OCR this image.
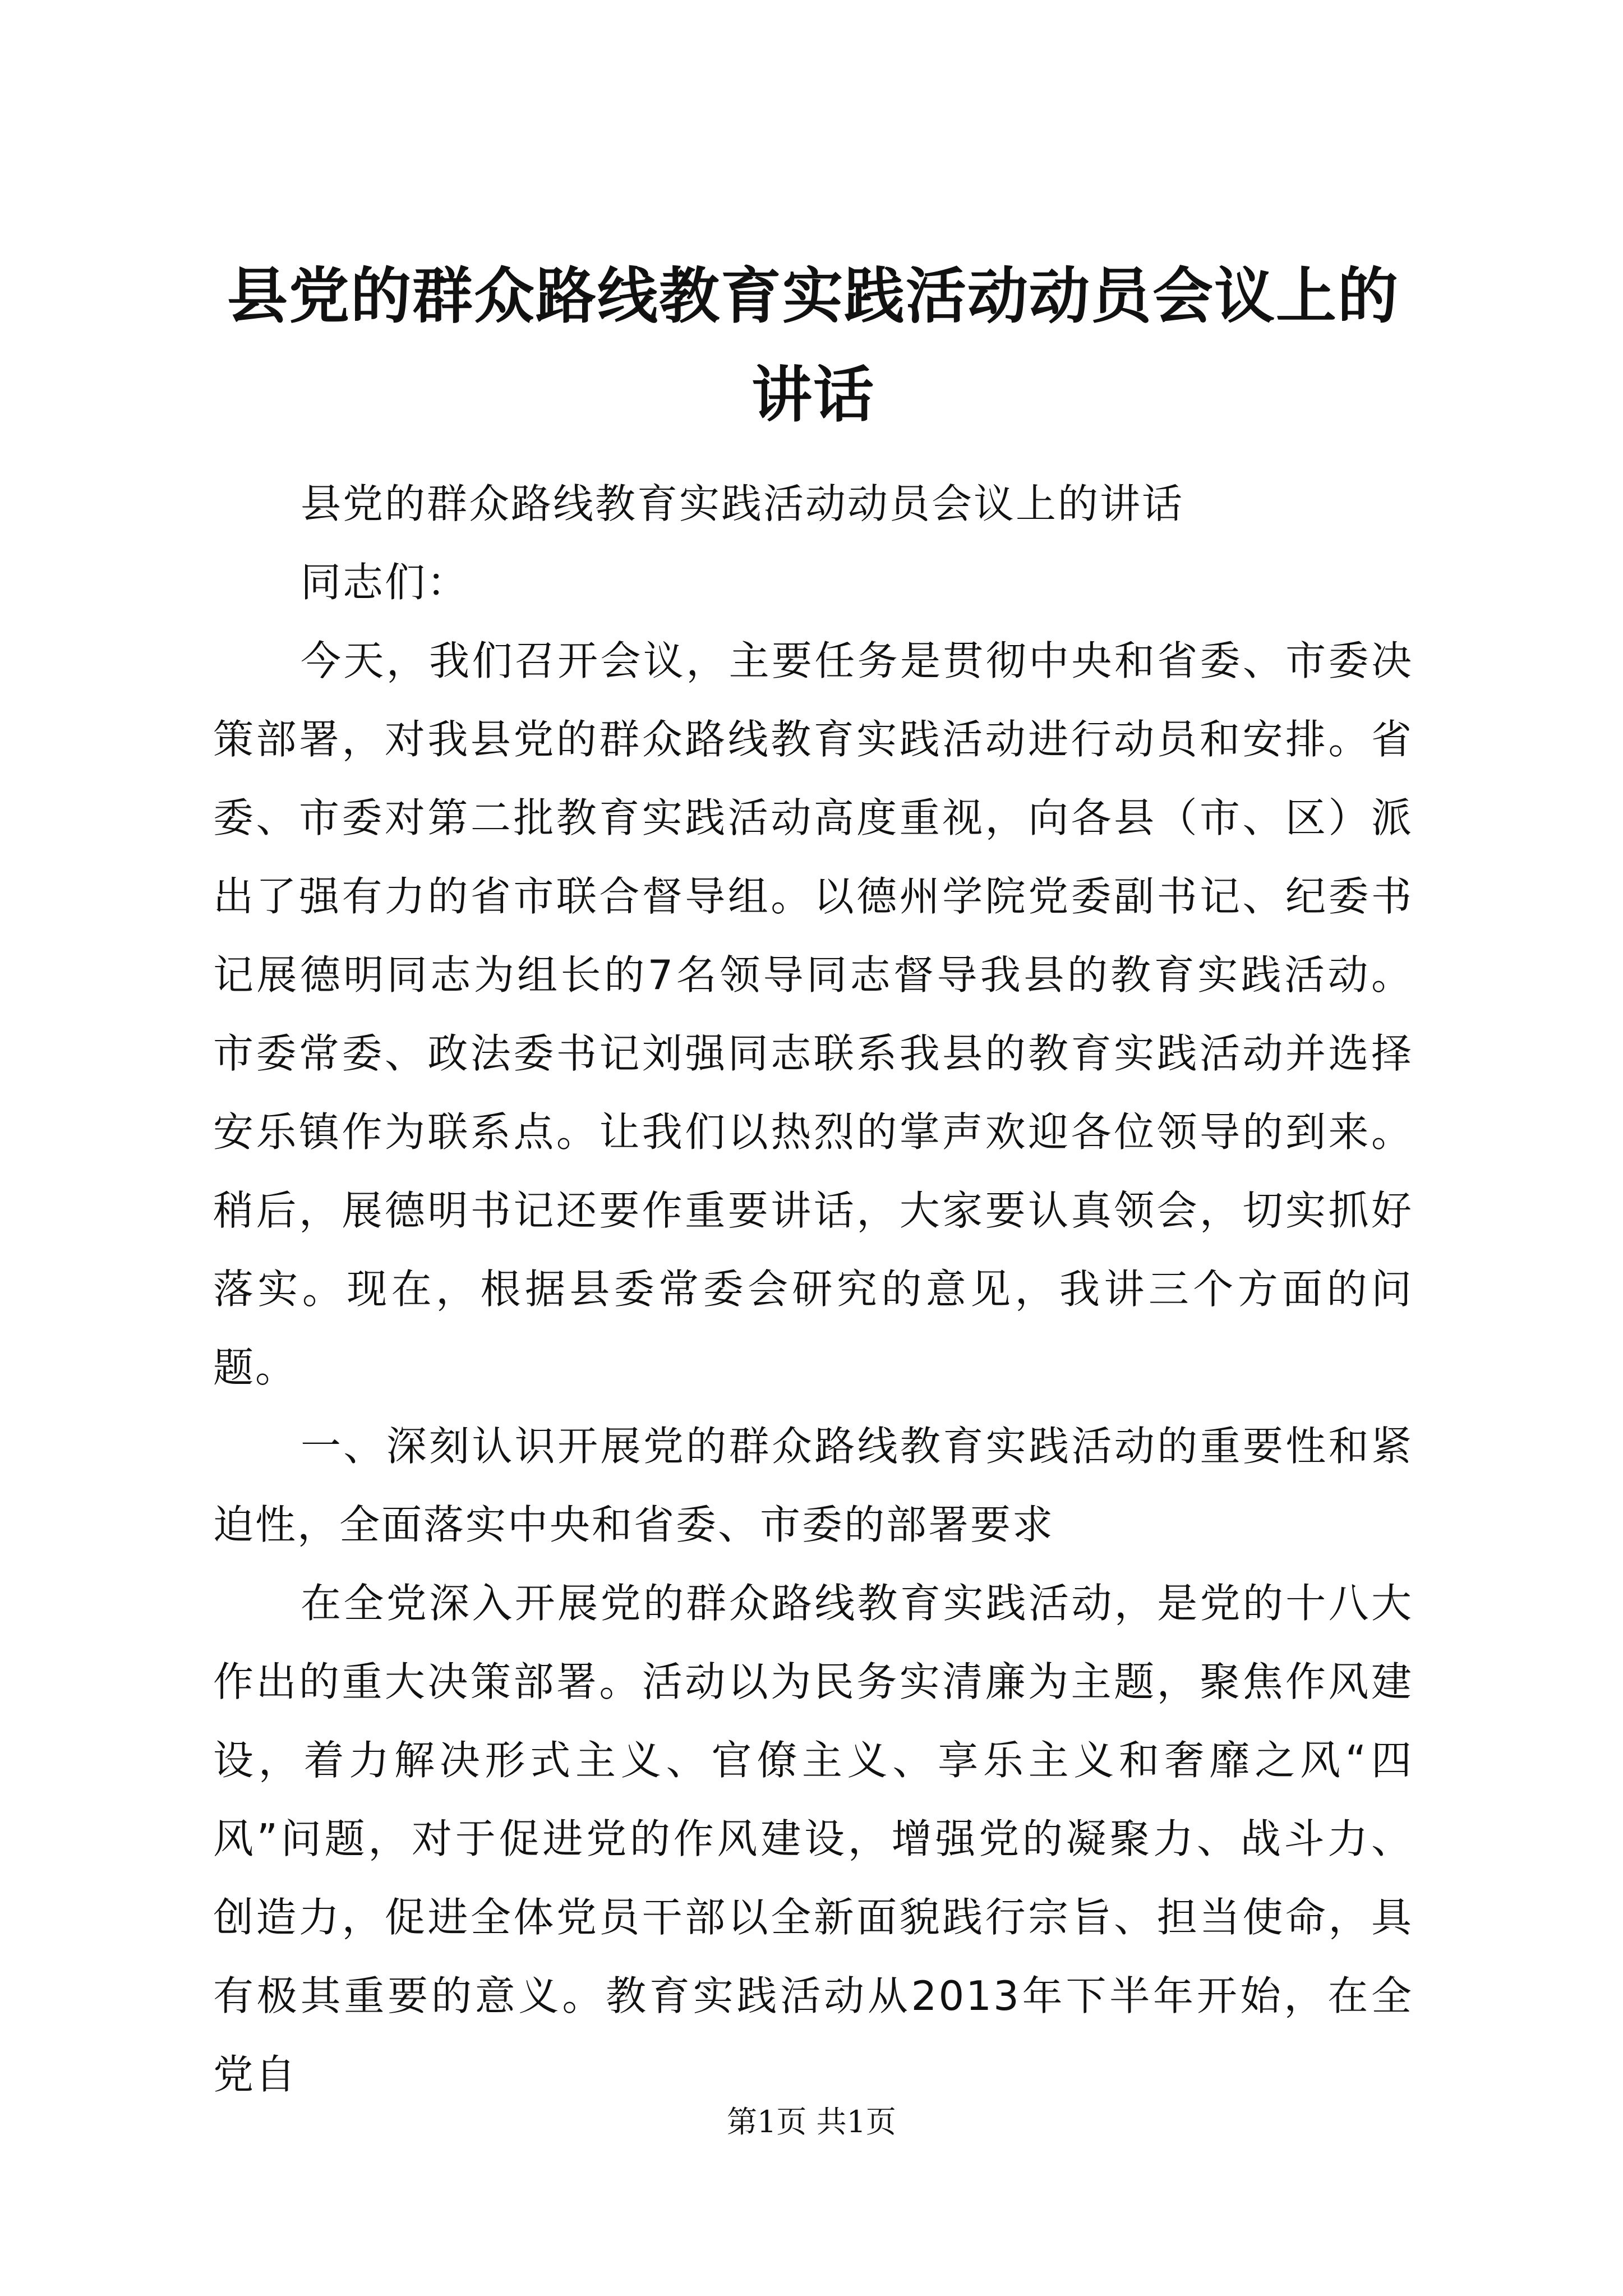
县党的群众路线教育实践活动动员会议上的讲话

县党的群众路线教育实践活动动员会议上的讲话

同志们：

今天，我们召开会议，主要任务是贯彻中央和省委、市委决策部署，对我县党的群众路线教育实践活动进行动员和安排。省委、市委对第二批教育实践活动高度重视，向各县（市、区）派出了强有力的省市联合督导组。以德州学院党委副书记、纪委书记展德明同志为组长的7名领导同志督导我县的教育实践活动。市委常委、政法委书记刘强同志联系我县的教育实践活动并选择安乐镇作为联系点。让我们以热烈的掌声欢迎各位领导的到来。稍后，展德明书记还要作重要讲话，大家要认真领会，切实抓好落实。现在，根据县委常委会研究的意见，我讲三个方面的问题。

一、深刻认识开展党的群众路线教育实践活动的重要性和紧迫性，全面落实中央和省委、市委的部署要求

在全党深入开展党的群众路线教育实践活动，是党的十八大作出的重大决策部署。活动以为民务实清廉为主题，聚焦作风建设，着力解决形式主义、官僚主义、享乐主义和奢靡之风“四风”问题，对于促进党的作风建设，增强党的凝聚力、战斗力、创造力，促进全体党员干部以全新面貌践行宗旨、担当使命，具有极其重要的意义。教育实践活动从2013年下半年开始，在全党自

第1页 共1页
